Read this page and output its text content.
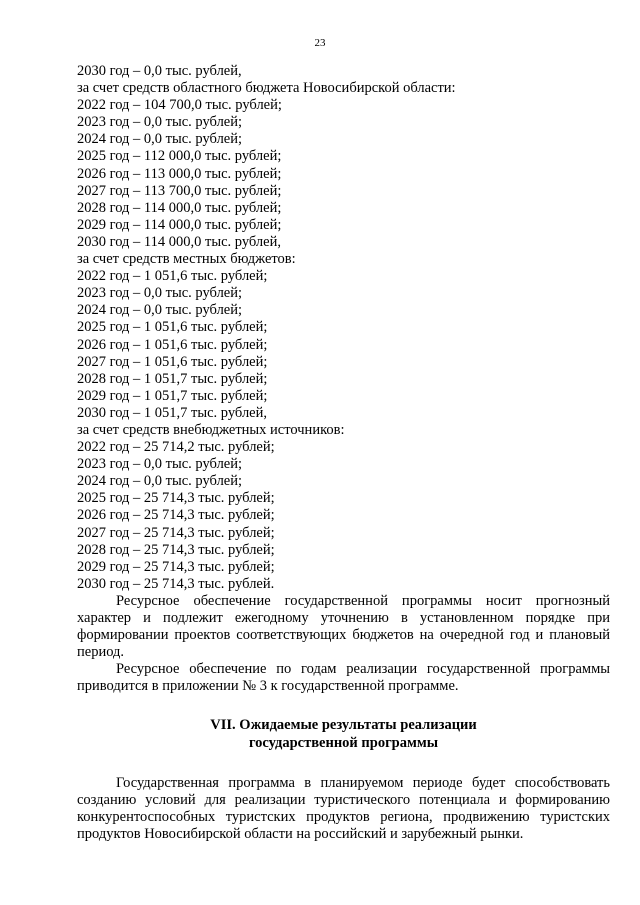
23
2030 год – 0,0 тыс. рублей,
за счет средств областного бюджета Новосибирской области:
2022 год – 104 700,0 тыс. рублей;
2023 год – 0,0 тыс. рублей;
2024 год – 0,0 тыс. рублей;
2025 год – 112 000,0 тыс. рублей;
2026 год – 113 000,0 тыс. рублей;
2027 год – 113 700,0 тыс. рублей;
2028 год – 114 000,0 тыс. рублей;
2029 год – 114 000,0 тыс. рублей;
2030 год – 114 000,0 тыс. рублей,
за счет средств местных бюджетов:
2022 год – 1 051,6 тыс. рублей;
2023 год – 0,0 тыс. рублей;
2024 год – 0,0 тыс. рублей;
2025 год – 1 051,6 тыс. рублей;
2026 год – 1 051,6 тыс. рублей;
2027 год – 1 051,6 тыс. рублей;
2028 год – 1 051,7 тыс. рублей;
2029 год – 1 051,7 тыс. рублей;
2030 год – 1 051,7 тыс. рублей,
за счет средств внебюджетных источников:
2022 год – 25 714,2 тыс. рублей;
2023 год – 0,0 тыс. рублей;
2024 год – 0,0 тыс. рублей;
2025 год – 25 714,3 тыс. рублей;
2026 год – 25 714,3 тыс. рублей;
2027 год – 25 714,3 тыс. рублей;
2028 год – 25 714,3 тыс. рублей;
2029 год – 25 714,3 тыс. рублей;
2030 год – 25 714,3 тыс. рублей.

Ресурсное обеспечение государственной программы носит прогнозный характер и подлежит ежегодному уточнению в установленном порядке при формировании проектов соответствующих бюджетов на очередной год и плановый период.

Ресурсное обеспечение по годам реализации государственной программы приводится в приложении № 3 к государственной программе.

VII. Ожидаемые результаты реализации
государственной программы

Государственная программа в планируемом периоде будет способствовать созданию условий для реализации туристического потенциала и формированию конкурентоспособных туристских продуктов региона, продвижению туристских продуктов Новосибирской области на российский и зарубежный рынки.
